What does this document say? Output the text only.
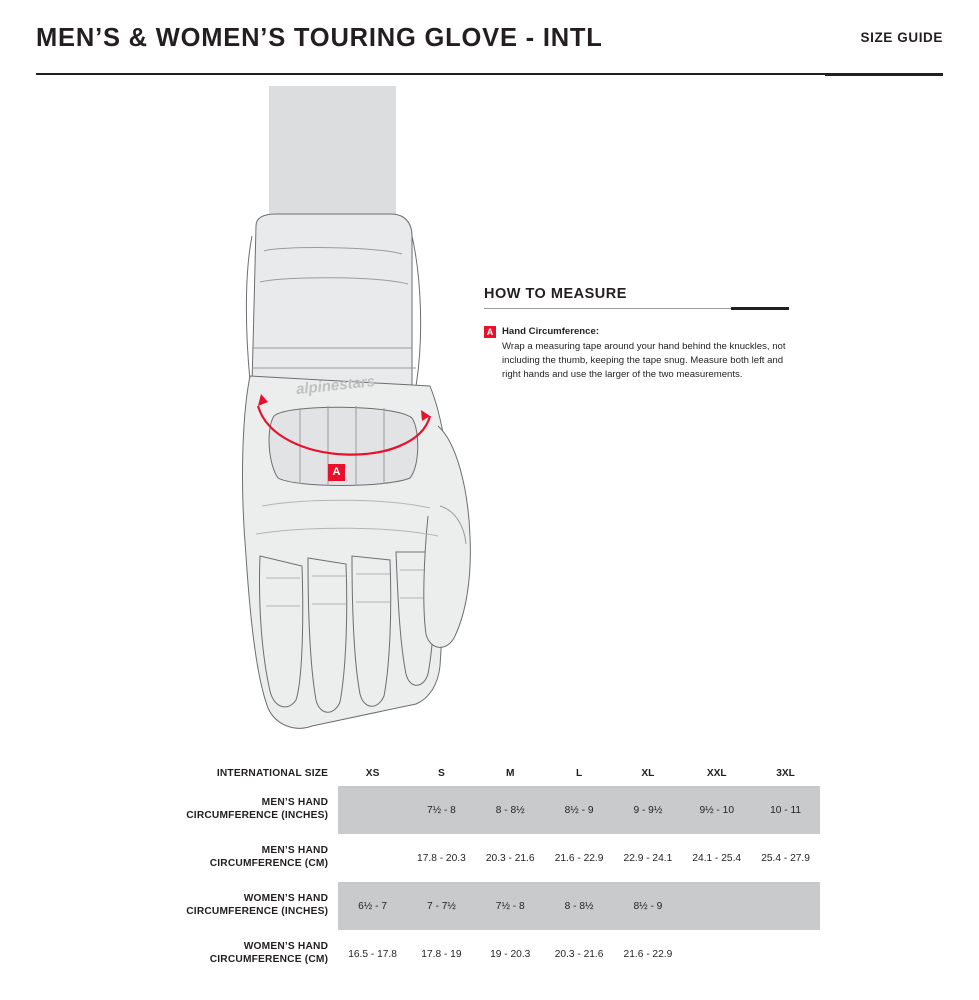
MEN’S & WOMEN’S TOURING GLOVE - INTL	SIZE GUIDE
alpinestars
A
HOW TO MEASURE
A Hand Circumference:
Wrap a measuring tape around your hand behind the knuckles, not including the thumb, keeping the tape snug. Measure both left and right hands and use the larger of the two measurements.
INTERNATIONAL SIZE	XS	S	M	L	XL	XXL	3XL
MEN’S HAND
CIRCUMFERENCE (INCHES)		7½ - 8	8 - 8½	8½ - 9	9 - 9½	9½ - 10	10 - 11
MEN’S HAND
CIRCUMFERENCE (CM)		17.8 - 20.3	20.3 - 21.6	21.6 - 22.9	22.9 - 24.1	24.1 - 25.4	25.4 - 27.9
WOMEN’S HAND
CIRCUMFERENCE (INCHES)	6½ - 7	7 - 7½	7½ - 8	8 - 8½	8½ - 9		
WOMEN’S HAND
CIRCUMFERENCE (CM)	16.5 - 17.8	17.8 - 19	19 - 20.3	20.3 - 21.6	21.6 - 22.9		
